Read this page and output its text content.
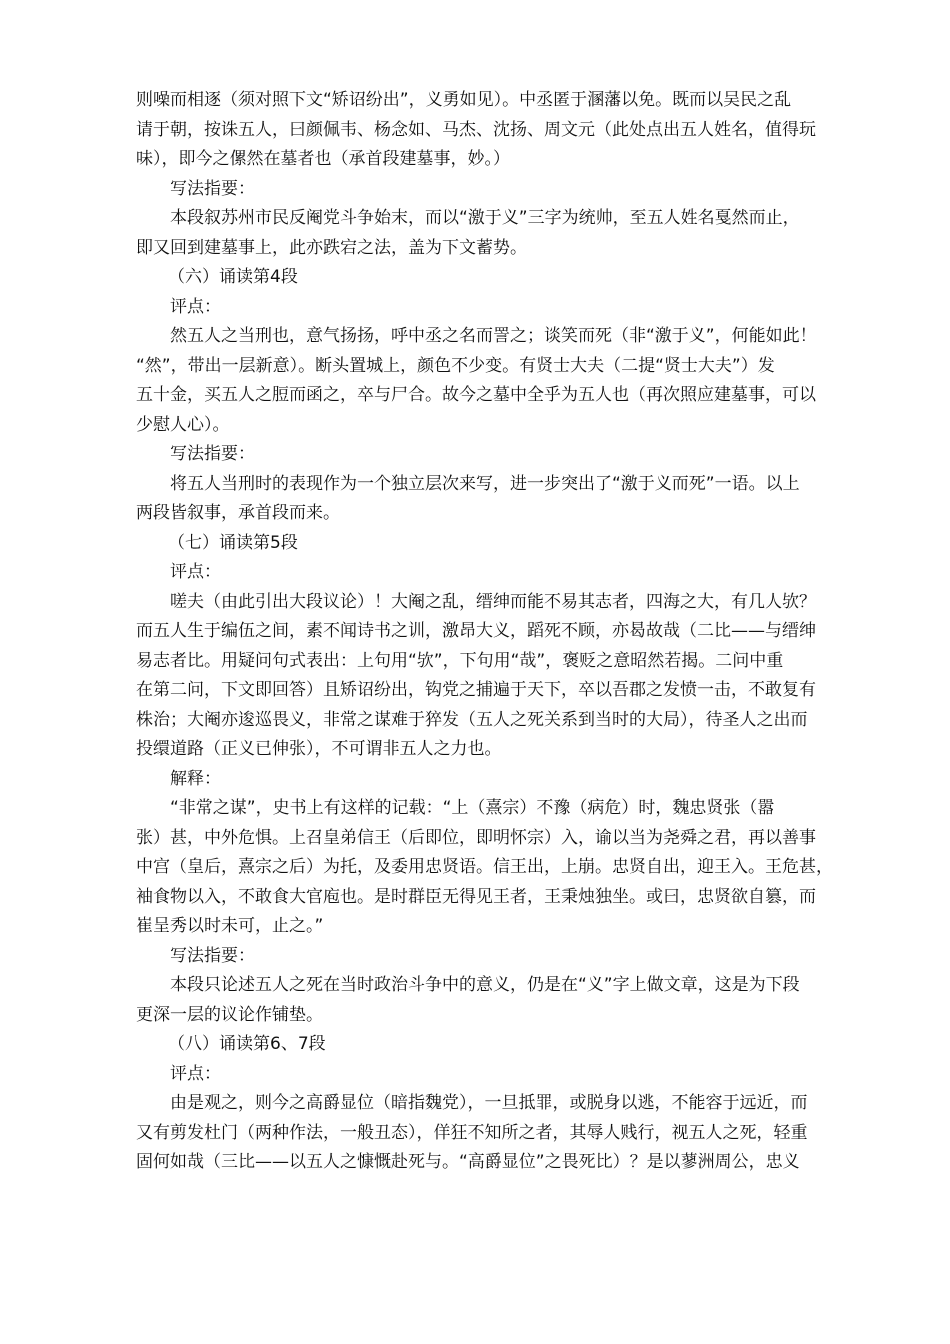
则噪而相逐（须对照下文“矫诏纷出”，义勇如见）。中丞匿于溷藩以免。既而以吴民之乱
请于朝，按诛五人，曰颜佩韦、杨念如、马杰、沈扬、周文元（此处点出五人姓名，值得玩
味），即今之傫然在墓者也（承首段建墓事，妙。）
写法指要：
本段叙苏州市民反阉党斗争始末，而以“激于义”三字为统帅，至五人姓名戛然而止，
即又回到建墓事上，此亦跌宕之法，盖为下文蓄势。
（六）诵读第4段
评点：
然五人之当刑也，意气扬扬，呼中丞之名而詈之；谈笑而死（非“激于义”，何能如此！
“然”，带出一层新意）。断头置城上，颜色不少变。有贤士大夫（二提“贤士大夫”）发
五十金，买五人之脰而函之，卒与尸合。故今之墓中全乎为五人也（再次照应建墓事，可以
少慰人心）。
写法指要：
将五人当刑时的表现作为一个独立层次来写，进一步突出了“激于义而死”一语。以上
两段皆叙事，承首段而来。
（七）诵读第5段
评点：
嗟夫（由此引出大段议论）！大阉之乱，缙绅而能不易其志者，四海之大，有几人欤？
而五人生于编伍之间，素不闻诗书之训，激昂大义，蹈死不顾，亦曷故哉（二比——与缙绅
易志者比。用疑问句式表出：上句用“欤”，下句用“哉”，褒贬之意昭然若揭。二问中重
在第二问，下文即回答）且矫诏纷出，钩党之捕遍于天下，卒以吾郡之发愤一击，不敢复有
株治；大阉亦逡巡畏义，非常之谋难于猝发（五人之死关系到当时的大局），待圣人之出而
投缳道路（正义已伸张），不可谓非五人之力也。
解释：
“非常之谋”，史书上有这样的记载：“上（熹宗）不豫（病危）时，魏忠贤张（嚣
张）甚，中外危惧。上召皇弟信王（后即位，即明怀宗）入，谕以当为尧舜之君，再以善事
中宫（皇后，熹宗之后）为托，及委用忠贤语。信王出，上崩。忠贤自出，迎王入。王危甚，
袖食物以入，不敢食大官庖也。是时群臣无得见王者，王秉烛独坐。或曰，忠贤欲自篡，而
崔呈秀以时未可，止之。”
写法指要：
本段只论述五人之死在当时政治斗争中的意义，仍是在“义”字上做文章，这是为下段
更深一层的议论作铺垫。
（八）诵读第6、7段
评点：
由是观之，则今之高爵显位（暗指魏党），一旦抵罪，或脱身以逃，不能容于远近，而
又有剪发杜门（两种作法，一般丑态），佯狂不知所之者，其辱人贱行，视五人之死，轻重
固何如哉（三比——以五人之慷慨赴死与。“高爵显位”之畏死比）？是以蓼洲周公，忠义
